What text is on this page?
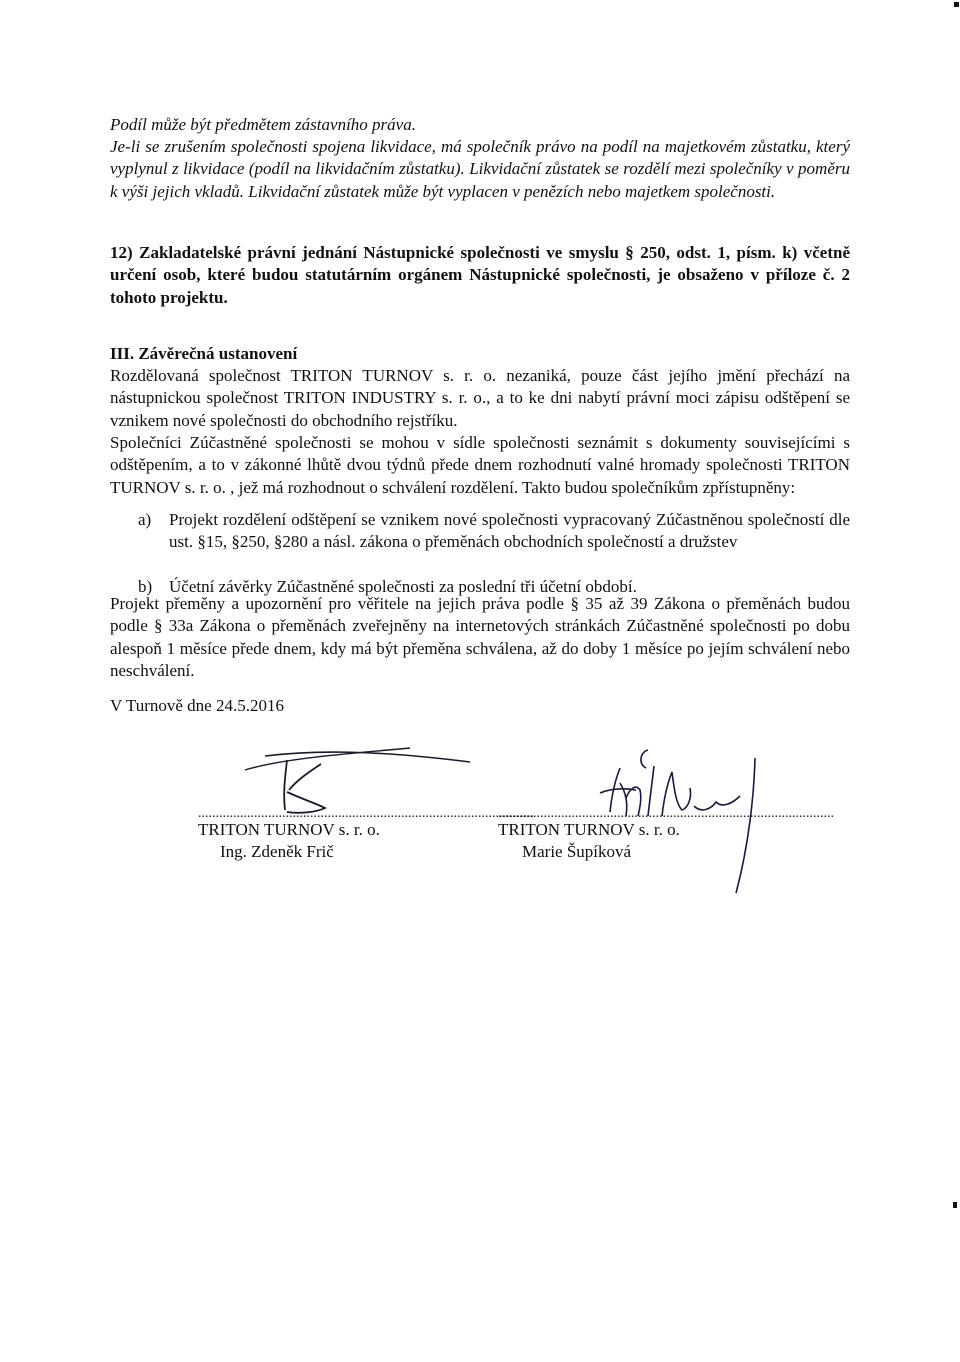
Podíl může být předmětem zástavního práva.
Je-li se zrušením společnosti spojena likvidace, má společník právo na podíl na majetkovém zůstatku, který vyplynul z likvidace (podíl na likvidačním zůstatku). Likvidační zůstatek se rozdělí mezi společníky v poměru k výši jejich vkladů. Likvidační zůstatek může být vyplacen v penězích nebo majetkem společnosti.
12) Zakladatelské právní jednání Nástupnické společnosti ve smyslu § 250, odst. 1, písm. k) včetně určení osob, které budou statutárním orgánem Nástupnické společnosti, je obsaženo v příloze č. 2 tohoto projektu.
III. Závěrečná ustanovení
Rozdělovaná společnost TRITON TURNOV s. r. o. nezaniká, pouze část jejího jmění přechází na nástupnickou společnost TRITON INDUSTRY s. r. o., a to ke dni nabytí právní moci zápisu odštěpení se vznikem nové společnosti do obchodního rejstříku.
Společníci Zúčastněné společnosti se mohou v sídle společnosti seznámit s dokumenty souvisejícími s odštěpením, a to v zákonné lhůtě dvou týdnů přede dnem rozhodnutí valné hromady společnosti TRITON TURNOV s. r. o. , jež má rozhodnout o schválení rozdělení. Takto budou společníkům zpřístupněny:
a) Projekt rozdělení odštěpení se vznikem nové společnosti vypracovaný Zúčastněnou společností dle ust. §15, §250, §280 a násl. zákona o přeměnách obchodních společností a družstev
b) Účetní závěrky Zúčastněné společnosti za poslední tři účetní období.
Projekt přeměny a upozornění pro věřitele na jejich práva podle § 35 až 39 Zákona o přeměnách budou podle § 33a Zákona o přeměnách zveřejněny na internetových stránkách Zúčastněné společnosti po dobu alespoň 1 měsíce přede dnem, kdy má být přeměna schválena, až do doby 1 měsíce po jejím schválení nebo neschválení.
V Turnově dne 24.5.2016
................................................................................................
TRITON TURNOV s. r. o.
Ing. Zdeněk Frič
................................................................................................
TRITON TURNOV s. r. o.
Marie Šupíková
